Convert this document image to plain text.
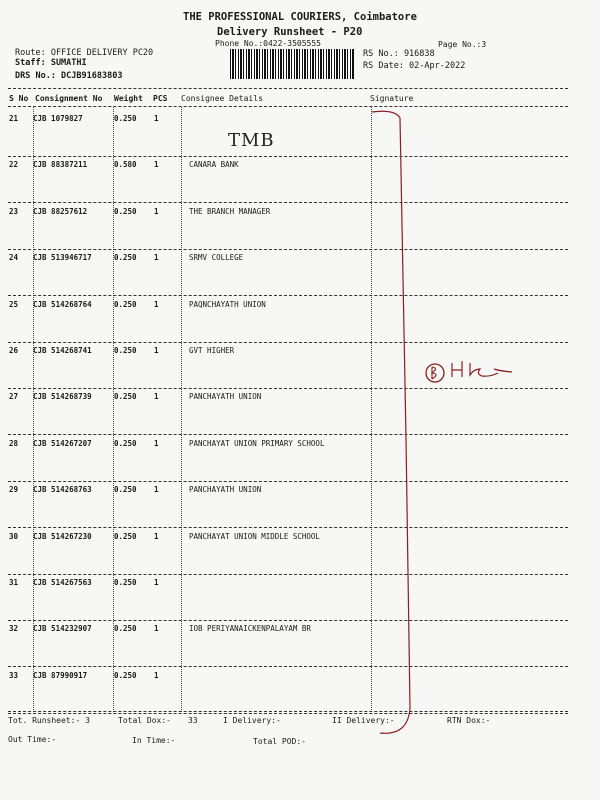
THE PROFESSIONAL COURIERS, Coimbatore
Delivery Runsheet - P20
Phone No.:0422-3505555	Page No.:3
Route: OFFICE DELIVERY PC20
Staff: SUMATHI
DRS No.: DCJB91683803
RS No.: 916838
RS Date: 02-Apr-2022
S No Consignment No Weight PCS Consignee Details	Signature
21 CJB 1079827	0.250 1
22 CJB 88387211	0.580 1	CANARA BANK
23 CJB 88257612	0.250 1	THE BRANCH MANAGER
24 CJB 513946717	0.250 1	SRMV COLLEGE
25 CJB 514268764	0.250 1	PAQNCHAYATH UNION
26 CJB 514268741	0.250 1	GVT HIGHER
27 CJB 514268739	0.250 1	PANCHAYATH UNION
28 CJB 514267207	0.250 1	PANCHAYAT UNION PRIMARY SCHOOL
29 CJB 514268763	0.250 1	PANCHAYATH UNION
30 CJB 514267230	0.250 1	PANCHAYAT UNION MIDDLE SCHOOL
31 CJB 514267563	0.250 1
32 CJB 514232907	0.250 1	IOB PERIYANAICKENPALAYAM BR
33 CJB 87990917	0.250 1
TMB
Tot. Runsheet:- 3	Total Dox:- 33	I Delivery:-	II Delivery:-	RTN Dox:-
Out Time:-	In Time:-	Total POD:-
